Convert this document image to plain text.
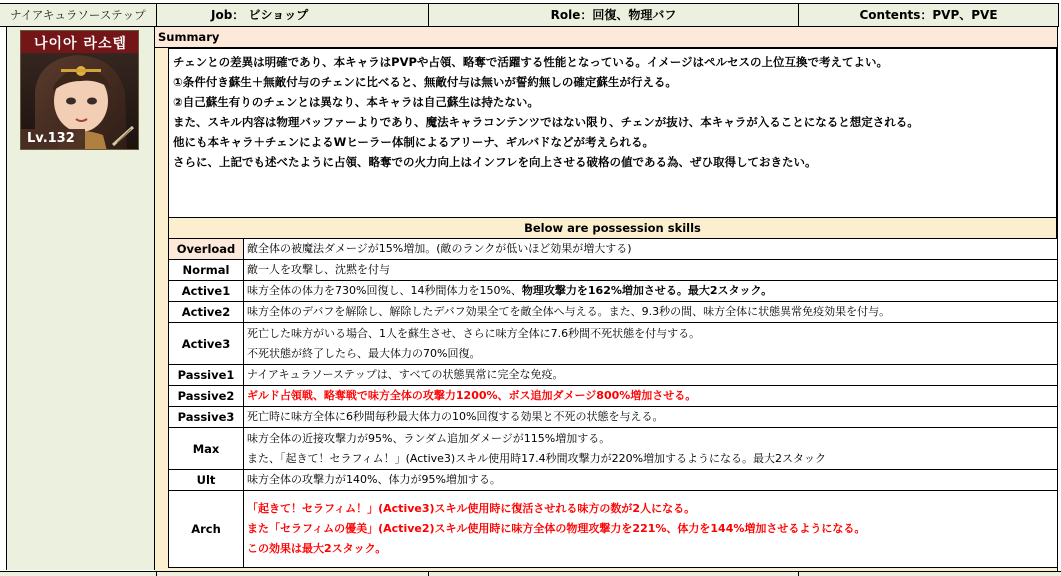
ナイアキュラソーステップ	Job： ビショップ	Role：回復、物理バフ	Contents：PVP、PVE
나이아 라소텝
Lv.132
Summary

チェンとの差異は明確であり、本キャラはPVPや占領、略奪で活躍する性能となっている。イメージはペルセスの上位互換で考えてよい。

①条件付き蘇生＋無敵付与のチェンに比べると、無敵付与は無いが誓約無しの確定蘇生が行える。

②自己蘇生有りのチェンとは異なり、本キャラは自己蘇生は持たない。

また、スキル内容は物理バッファーよりであり、魔法キャラコンテンツではない限り、チェンが抜け、本キャラが入ることになると想定される。

他にも本キャラ＋チェンによるWヒーラー体制によるアリーナ、ギルバドなどが考えられる。

さらに、上記でも述べたように占領、略奪での火力向上はインフレを向上させる破格の値である為、ぜひ取得しておきたい。

Below are possession skills
Overload	敵全体の被魔法ダメージが15%増加。(敵のランクが低いほど効果が増大する)

Normal	敵一人を攻撃し、沈黙を付与

Active1	味方全体の体力を730%回復し、14秒間体力を150%、物理攻撃力を162%増加させる。最大2スタック。

Active2	味方全体のデバフを解除し、解除したデバフ効果全てを敵全体へ与える。また、9.3秒の間、味方全体に状態異常免疫効果を付与。

Active3	死亡した味方がいる場合、1人を蘇生させ、さらに味方全体に7.6秒間不死状態を付与する。
不死状態が終了したら、最大体力の70%回復。

Passive1	ナイアキュラソーステップは、すべての状態異常に完全な免疫。

Passive2	ギルド占領戦、略奪戦で味方全体の攻撃力1200%、ボス追加ダメージ800%増加させる。

Passive3	死亡時に味方全体に6秒間毎秒最大体力の10%回復する効果と不死の状態を与える。

Max	味方全体の近接攻撃力が95%、ランダム追加ダメージが115%増加する。
また、「起きて！セラフィム！」(Active3)スキル使用時17.4秒間攻撃力が220%増加するようになる。最大2スタック

Ult	味方全体の攻撃力が140%、体力が95%増加する。

Arch	「起きて！セラフィム！」(Active3)スキル使用時に復活させれる味方の数が2人になる。
また「セラフィムの優美」(Active2)スキル使用時に味方全体の物理攻撃力を221%、体力を144%増加させるようになる。
この効果は最大2スタック。
